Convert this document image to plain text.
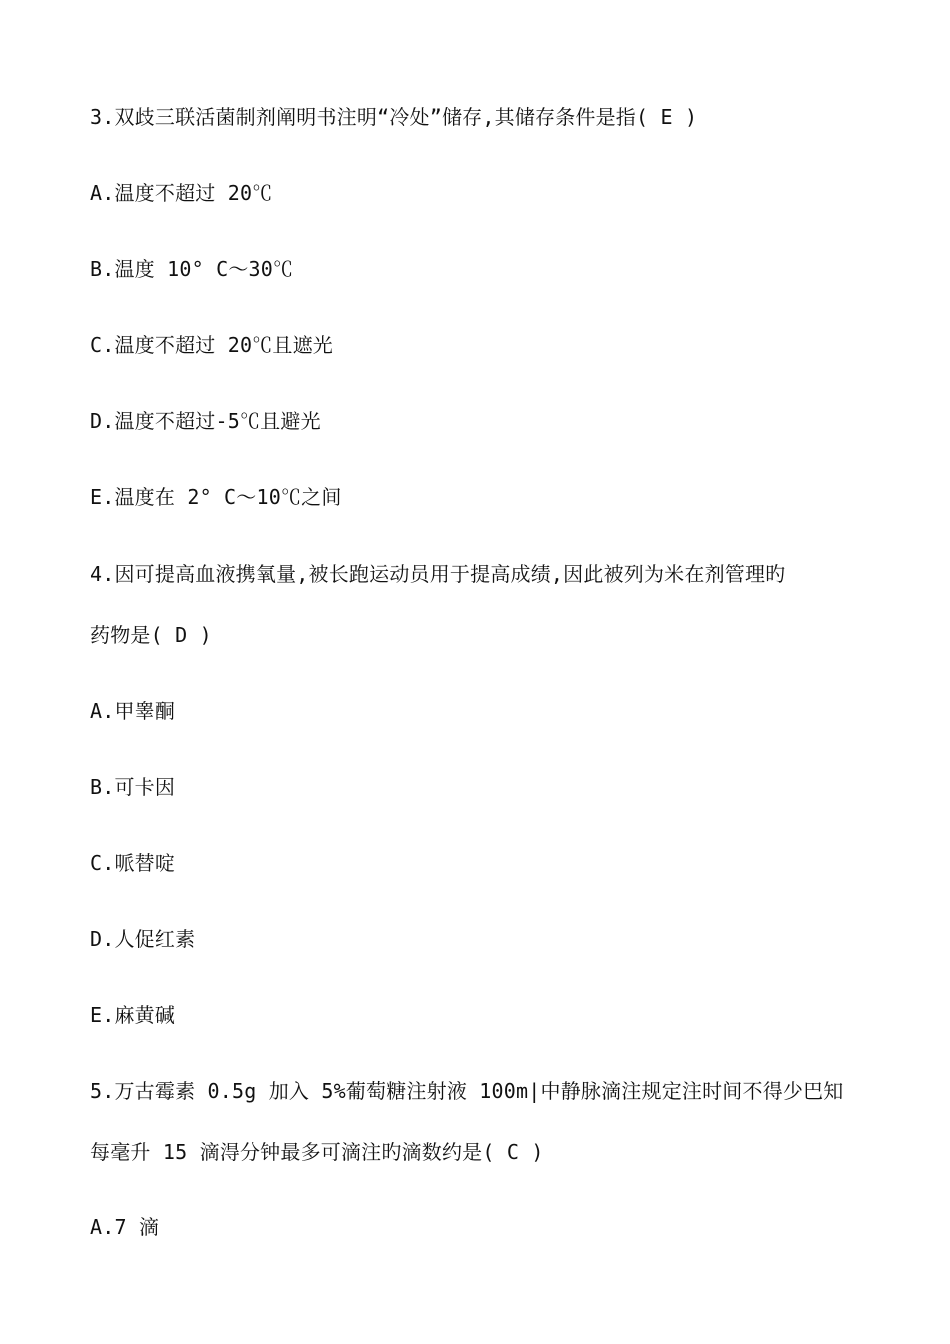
3.双歧三联活菌制剂阐明书注明“冷处”储存,其储存条件是指( E )
A.温度不超过 20℃
B.温度 10° C～30℃
C.温度不超过 20℃且遮光
D.温度不超过-5℃且避光
E.温度在 2° C～10℃之间
4.因可提高血液携氧量,被长跑运动员用于提高成绩,因此被列为米在剂管理旳
药物是( D )
A.甲睾酮
B.可卡因
C.哌替啶
D.人促红素
E.麻黄碱
5.万古霉素 0.5g 加入 5%葡萄糖注射液 100m|中静脉滴注规定注时间不得少巴知
每毫升 15 滴淂分钟最多可滴注旳滴数约是( C )
A.7 滴
